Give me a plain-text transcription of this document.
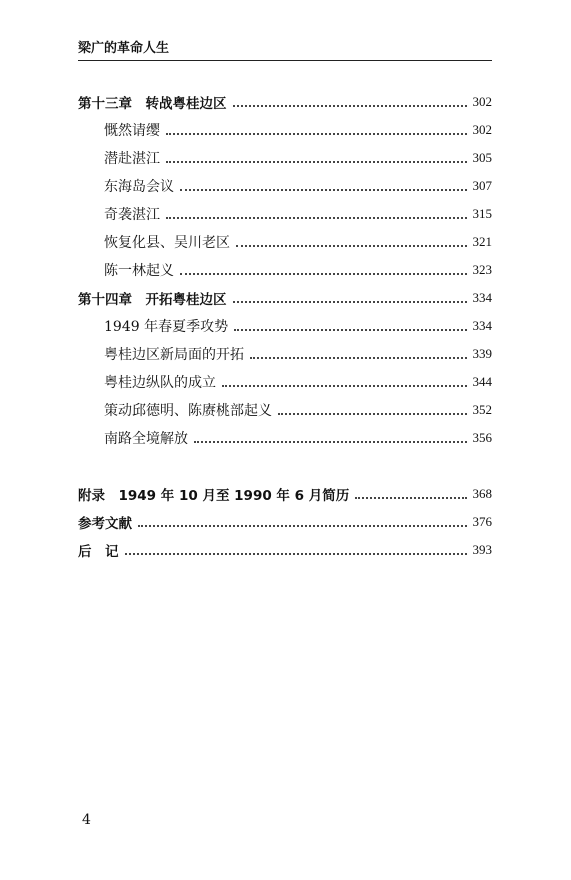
梁广的革命人生
第十三章　转战粤桂边区	302
慨然请缨	302
潜赴湛江	305
东海岛会议	307
奇袭湛江	315
恢复化县、吴川老区	321
陈一林起义	323
第十四章　开拓粤桂边区	334
1949 年春夏季攻势	334
粤桂边区新局面的开拓	339
粤桂边纵队的成立	344
策动邱德明、陈赓桃部起义	352
南路全境解放	356
附录　1949 年 10 月至 1990 年 6 月简历	368
参考文献	376
后　记	393
4
